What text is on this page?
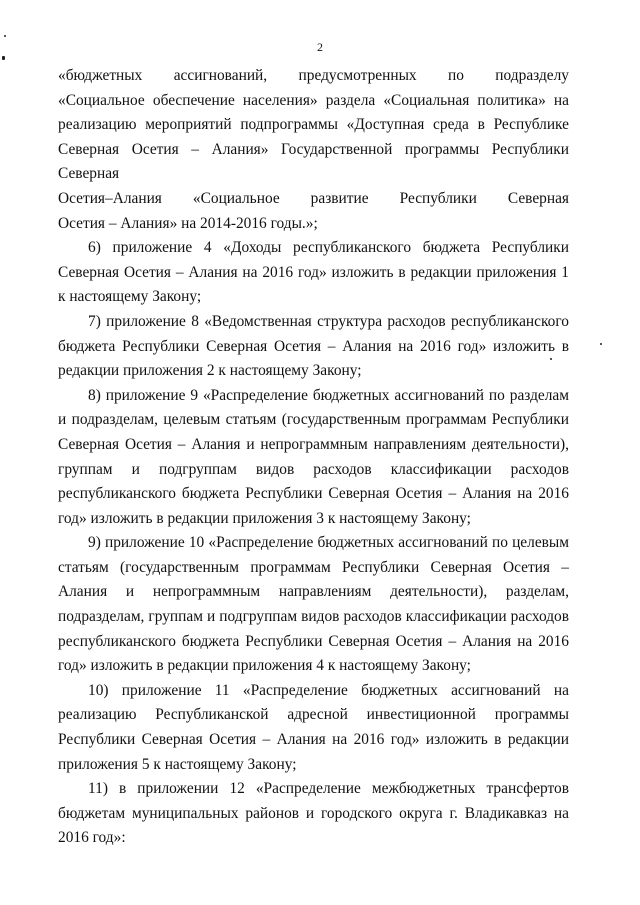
2
«бюджетных ассигнований, предусмотренных по подразделу
«Социальное обеспечение населения» раздела «Социальная политика» на
реализацию мероприятий подпрограммы «Доступная среда в Республике
Северная Осетия – Алания» Государственной программы Республики Северная
Осетия–Алания «Социальное развитие Республики Северная
Осетия – Алания» на 2014-2016 годы.»;

6) приложение 4 «Доходы республиканского бюджета Республики Северная Осетия – Алания на 2016 год» изложить в редакции приложения 1 к настоящему Закону;

7) приложение 8 «Ведомственная структура расходов республиканского бюджета Республики Северная Осетия – Алания на 2016 год» изложить в редакции приложения 2 к настоящему Закону;

8) приложение 9 «Распределение бюджетных ассигнований по разделам и подразделам, целевым статьям (государственным программам Республики Северная Осетия – Алания и непрограммным направлениям деятельности), группам и подгруппам видов расходов классификации расходов республиканского бюджета Республики Северная Осетия – Алания на 2016 год» изложить в редакции приложения 3 к настоящему Закону;

9) приложение 10 «Распределение бюджетных ассигнований по целевым статьям (государственным программам Республики Северная Осетия – Алания и непрограммным направлениям деятельности), разделам, подразделам, группам и подгруппам видов расходов классификации расходов республиканского бюджета Республики Северная Осетия – Алания на 2016 год» изложить в редакции приложения 4 к настоящему Закону;

10) приложение 11 «Распределение бюджетных ассигнований на реализацию Республиканской адресной инвестиционной программы Республики Северная Осетия – Алания на 2016 год» изложить в редакции приложения 5 к настоящему Закону;

11) в приложении 12 «Распределение межбюджетных трансфертов бюджетам муниципальных районов и городского округа г. Владикавказ на 2016 год»:
